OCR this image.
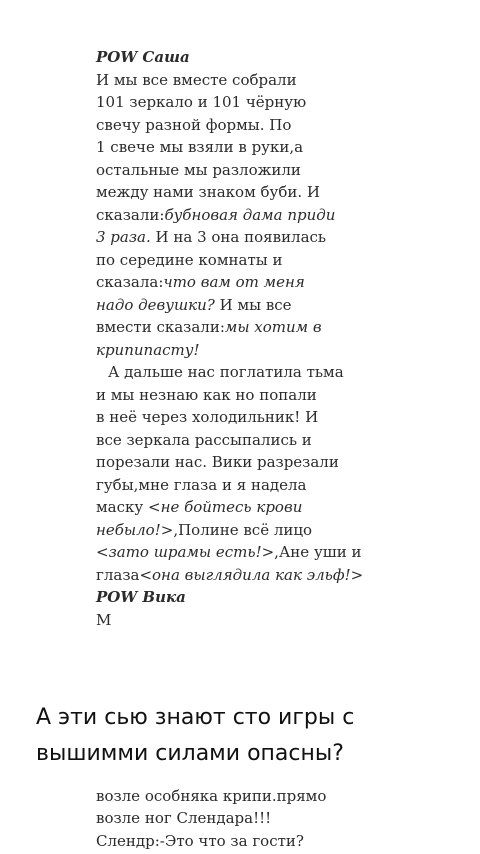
POW Саша
И мы все вместе собрали
101 зеркало и 101 чёрную
свечу разной формы. По
1 свече мы взяли в руки,а
остальные мы разложили
между нами знаком буби. И
сказали:бубновая дама приди
3 раза. И на 3 она появилась
по середине комнаты и
сказала:что вам от меня
надо девушки? И мы все
вмести сказали:мы хотим в
крипипасту!
А дальше нас поглатила тьма
и мы незнаю как но попали
в неё через холодильник! И
все зеркала рассыпались и
порезали нас. Вики разрезали
губы,мне глаза и я надела
маску <не бойтесь крови
небыло!>,Полине всё лицо
<зато шрамы есть!>,Ане уши и
глаза<она выглядила как эльф!>
POW Вика
М
А эти сью знают сто игры с
вышимми силами опасны?
возле особняка крипи.прямо
возле ног Слендара!!!
Слендр:-Это что за гости?
